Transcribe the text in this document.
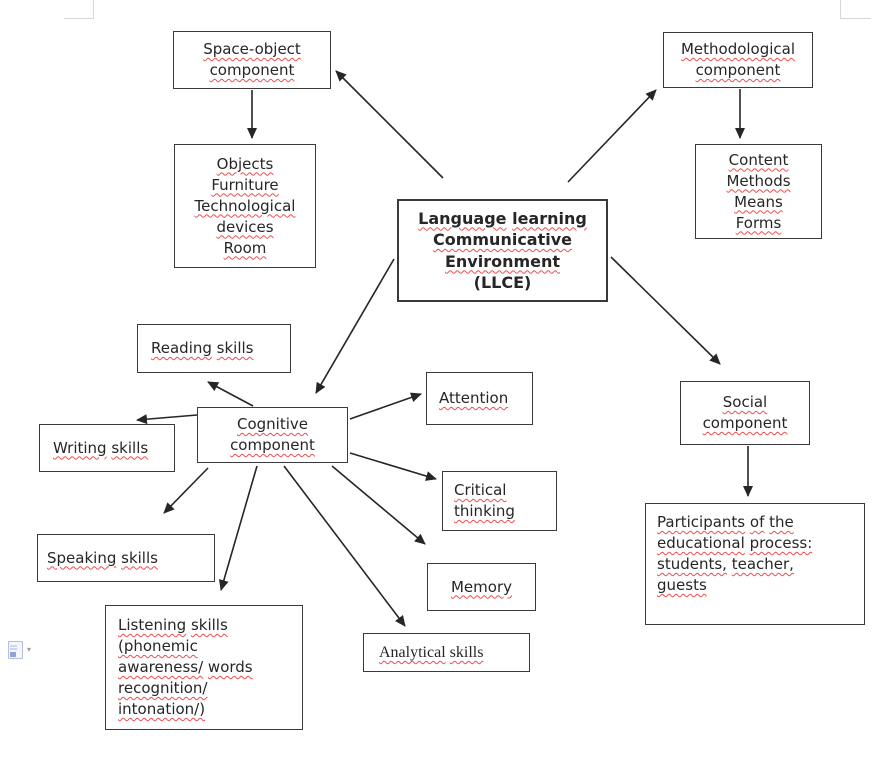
Space-object
component
Methodological
component
Objects
Furniture
Technological
devices
Room
Content
Methods
Means
Forms
Language learning
Communicative
Environment
(LLCE)
Reading skills
Cognitive
component
Writing skills
Attention
Critical
thinking
Speaking skills
Memory
Listening skills
(phonemic
awareness/ words
recognition/
intonation/)
Analytical skills
Social
component
Participants of the
educational process:
students, teacher,
guests
▾
